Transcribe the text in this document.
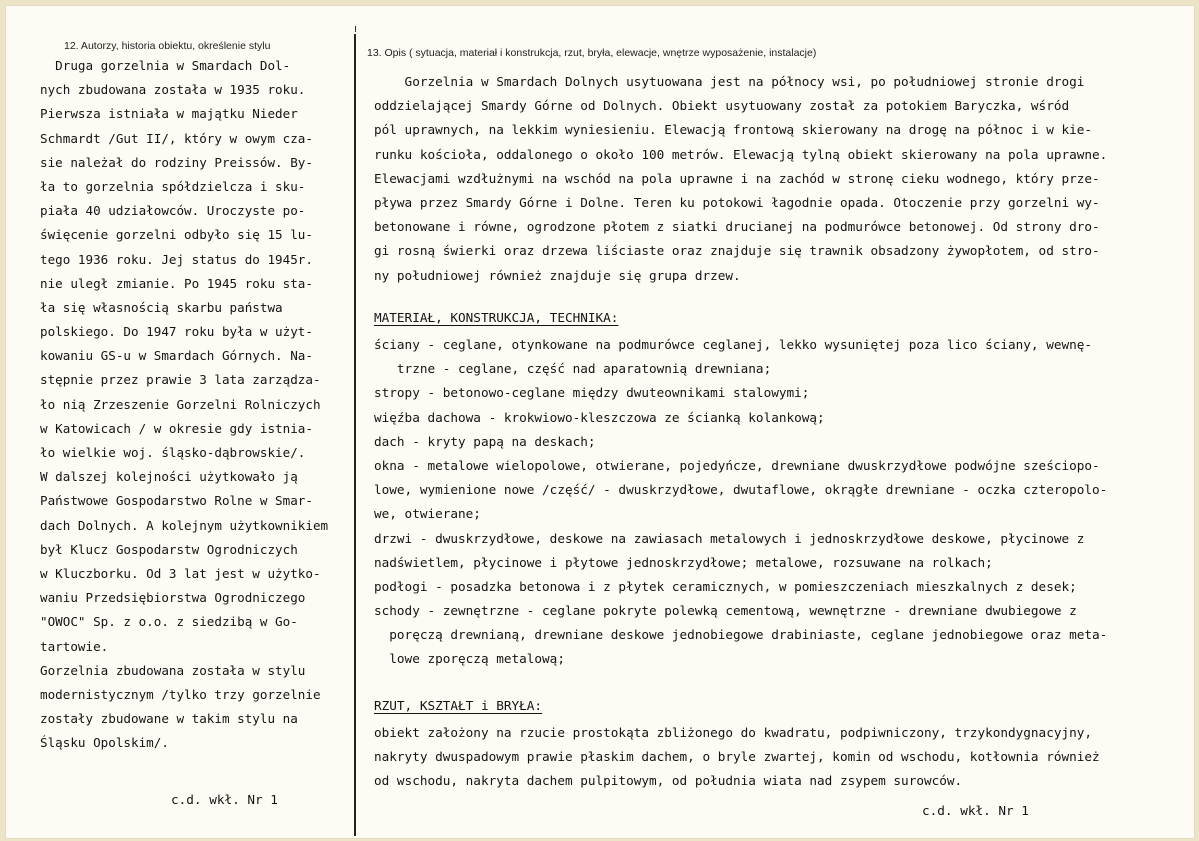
12. Autorzy, historia obiektu, określenie stylu

13. Opis ( sytuacja, materiał i konstrukcja, rzut, bryła, elewacje, wnętrze wyposażenie, instalacje)

Druga gorzelnia w Smardach Dol-
nych zbudowana została w 1935 roku.
Pierwsza istniała w majątku Nieder
Schmardt /Gut II/, który w owym cza-
sie należał do rodziny Preissów. By-
ła to gorzelnia spółdzielcza i sku-
piała 40 udziałowców. Uroczyste po-
święcenie gorzelni odbyło się 15 lu-
tego 1936 roku. Jej status do 1945r.
nie uległ zmianie. Po 1945 roku sta-
ła się własnością skarbu państwa
polskiego. Do 1947 roku była w użyt-
kowaniu GS-u w Smardach Górnych. Na-
stępnie przez prawie 3 lata zarządza-
ło nią Zrzeszenie Gorzelni Rolniczych
w Katowicach / w okresie gdy istnia-
ło wielkie woj. śląsko-dąbrowskie/.
W dalszej kolejności użytkowało ją
Państwowe Gospodarstwo Rolne w Smar-
dach Dolnych. A kolejnym użytkownikiem
był Klucz Gospodarstw Ogrodniczych
w Kluczborku. Od 3 lat jest w użytko-
waniu Przedsiębiorstwa Ogrodniczego
"OWOC" Sp. z o.o. z siedzibą w Go-
tartowie.
Gorzelnia zbudowana została w stylu
modernistycznym /tylko trzy gorzelnie
zostały zbudowane w takim stylu na
Śląsku Opolskim/.

c.d. wkł. Nr 1

Gorzelnia w Smardach Dolnych usytuowana jest na północy wsi, po południowej stronie drogi
oddzielającej Smardy Górne od Dolnych. Obiekt usytuowany został za potokiem Baryczka, wśród
pól uprawnych, na lekkim wyniesieniu. Elewacją frontową skierowany na drogę na północ i w kie-
runku kościoła, oddalonego o około 100 metrów. Elewacją tylną obiekt skierowany na pola uprawne.
Elewacjami wzdłużnymi na wschód na pola uprawne i na zachód w stronę cieku wodnego, który prze-
pływa przez Smardy Górne i Dolne. Teren ku potokowi łagodnie opada. Otoczenie przy gorzelni wy-
betonowane i równe, ogrodzone płotem z siatki drucianej na podmurówce betonowej. Od strony dro-
gi rosną świerki oraz drzewa liściaste oraz znajduje się trawnik obsadzony żywopłotem, od stro-
ny południowej również znajduje się grupa drzew.

MATERIAŁ, KONSTRUKCJA, TECHNIKA:

ściany - ceglane, otynkowane na podmurówce ceglanej, lekko wysuniętej poza lico ściany, wewnę-
trzne - ceglane, część nad aparatownią drewniana;
stropy - betonowo-ceglane między dwuteownikami stalowymi;
więźba dachowa - krokwiowo-kleszczowa ze ścianką kolankową;
dach - kryty papą na deskach;
okna - metalowe wielopolowe, otwierane, pojedyńcze, drewniane dwuskrzydłowe podwójne sześciopo-
lowe, wymienione nowe /część/ - dwuskrzydłowe, dwutaflowe, okrągłe drewniane - oczka czteropolo-
we, otwierane;
drzwi - dwuskrzydłowe, deskowe na zawiasach metalowych i jednoskrzydłowe deskowe, płycinowe z
nadświetlem, płycinowe i płytowe jednoskrzydłowe; metalowe, rozsuwane na rolkach;
podłogi - posadzka betonowa i z płytek ceramicznych, w pomieszczeniach mieszkalnych z desek;
schody - zewnętrzne - ceglane pokryte polewką cementową, wewnętrzne - drewniane dwubiegowe z
poręczą drewnianą, drewniane deskowe jednobiegowe drabiniaste, ceglane jednobiegowe oraz meta-
lowe zporęczą metalową;

RZUT, KSZTAŁT i BRYŁA:

obiekt założony na rzucie prostokąta zbliżonego do kwadratu, podpiwniczony, trzykondygnacyjny,
nakryty dwuspadowym prawie płaskim dachem, o bryle zwartej, komin od wschodu, kotłownia również
od wschodu, nakryta dachem pulpitowym, od południa wiata nad zsypem surowców.

c.d. wkł. Nr 1
